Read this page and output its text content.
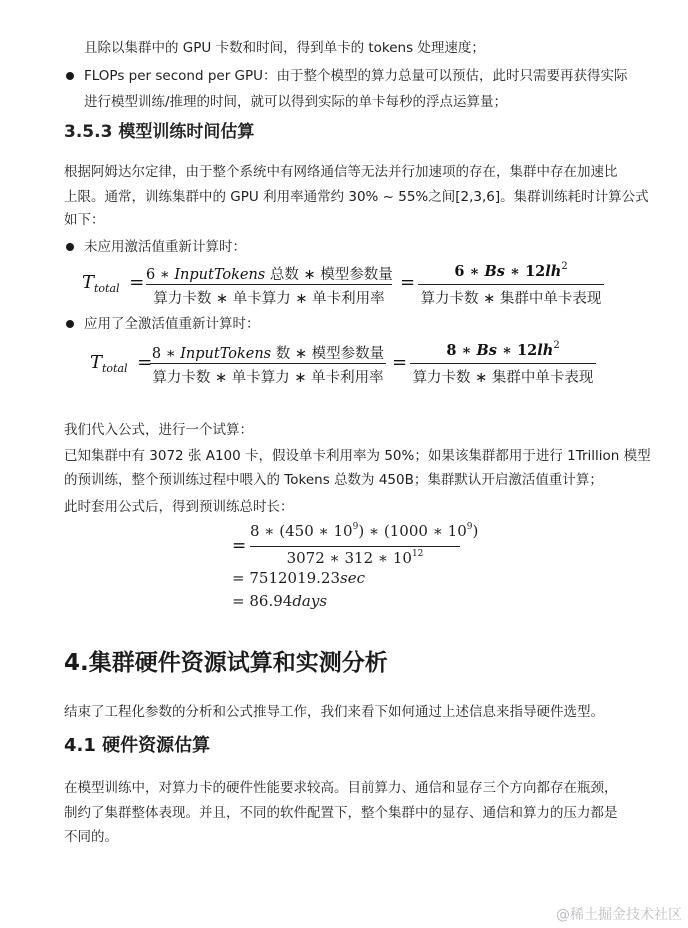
且除以集群中的 GPU 卡数和时间，得到单卡的 tokens 处理速度；
FLOPs per second per GPU：由于整个模型的算力总量可以预估，此时只需要再获得实际
进行模型训练/推理的时间，就可以得到实际的单卡每秒的浮点运算量；
3.5.3 模型训练时间估算
根据阿姆达尔定律，由于整个系统中有网络通信等无法并行加速项的存在，集群中存在加速比
上限。通常，训练集群中的 GPU 利用率通常约 30% ~ 55%之间[2,3,6]。集群训练耗时计算公式
如下：
未应用激活值重新计算时：
$T_{total} = 6$ ∗ InputTokens 总数 ∗ 模型参数量
算力卡数 ∗ 单卡算力 ∗ 单卡利用率
=
6 ∗ Bs ∗ $12lh^2$
算力卡数 ∗ 集群中单卡表现
应用了全激活值重新计算时：
$T_{total} = 8$ ∗ InputTokens 数 ∗ 模型参数量
算力卡数 ∗ 单卡算力 ∗ 单卡利用率
=
8 ∗ Bs ∗ $12lh^2$
算力卡数 ∗ 集群中单卡表现
我们代入公式，进行一个试算：
已知集群中有 3072 张 A100 卡，假设单卡利用率为 50%；如果该集群都用于进行 1Trillion 模型
的预训练，整个预训练过程中喂入的 Tokens 总数为 450B；集群默认开启激活值重计算；
此时套用公式后，得到预训练总时长：
=
8 ∗ (450 ∗ $10^9$) ∗ (1000 ∗ $10^9$)
3072 ∗ 312 ∗ $10^{12}$
= 7512019.23sec
= 86.94days
4.集群硬件资源试算和实测分析
结束了工程化参数的分析和公式推导工作，我们来看下如何通过上述信息来指导硬件选型。
4.1 硬件资源估算
在模型训练中，对算力卡的硬件性能要求较高。目前算力、通信和显存三个方向都存在瓶颈，
制约了集群整体表现。并且，不同的软件配置下，整个集群中的显存、通信和算力的压力都是
不同的。
@稀土掘金技术社区
